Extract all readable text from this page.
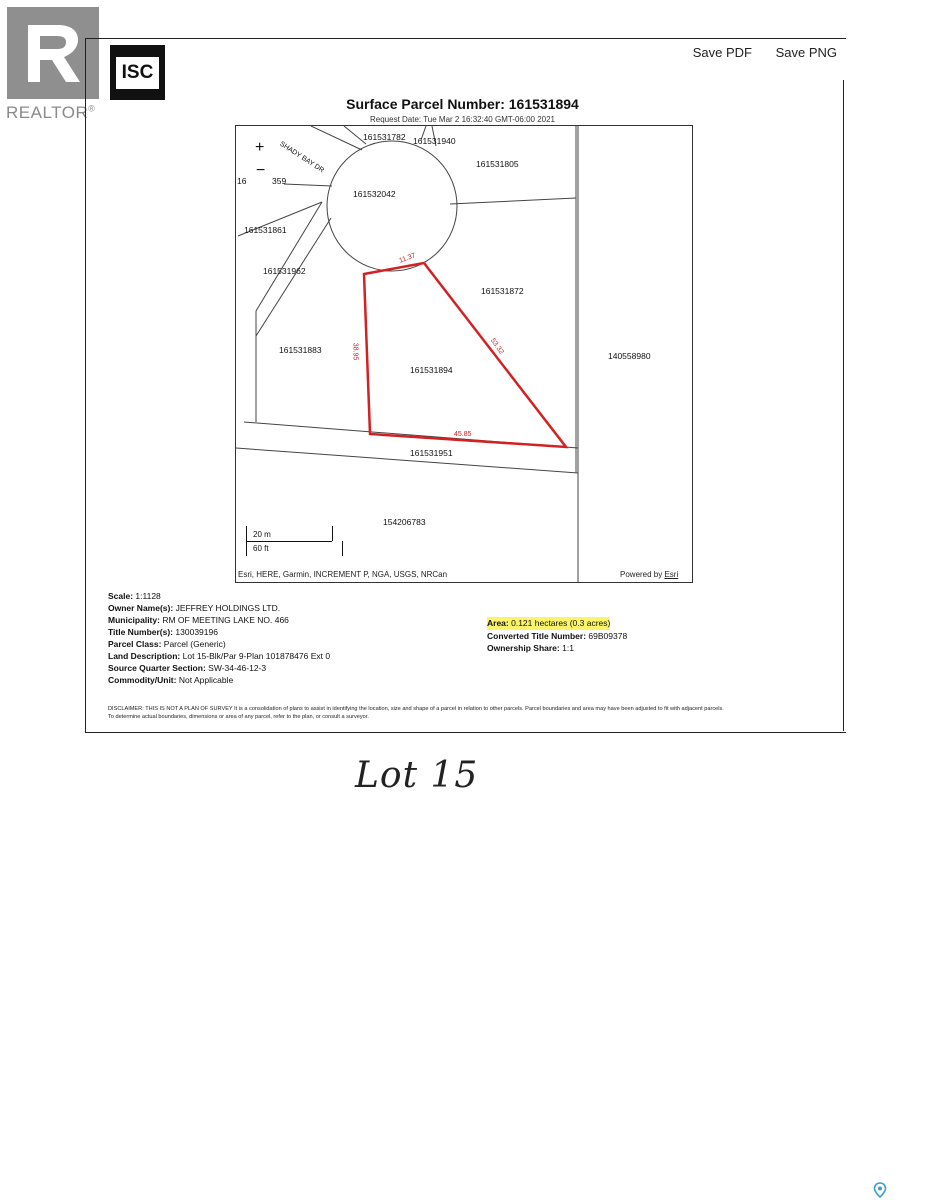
REALTOR®
ISC
Save PDF Save PNG
Surface Parcel Number: 161531894
Request Date: Tue Mar 2 16:32:40 GMT-06:00 2021
SHADY BAY DR
161531782 161531940
161531805
161532042
161531861
161531962
161531872
161531883
161531894
140558980
161531951
154206783
16	359
11.37
38.95	53.32
45.85
+
−
20 m
60 ft
Esri, HERE, Garmin, INCREMENT P, NGA, USGS, NRCan	Powered by Esri
Scale: 1:1128
Owner Name(s): JEFFREY HOLDINGS LTD.
Municipality: RM OF MEETING LAKE NO. 466
Title Number(s): 130039196
Parcel Class: Parcel (Generic)
Land Description: Lot 15-Blk/Par 9-Plan 101878476 Ext 0
Source Quarter Section: SW-34-46-12-3
Commodity/Unit: Not Applicable
Area: 0.121 hectares (0.3 acres)
Converted Title Number: 69B09378
Ownership Share: 1:1
DISCLAIMER: THIS IS NOT A PLAN OF SURVEY It is a consolidation of plans to assist in identifying the location, size and shape of a parcel in relation to other parcels. Parcel boundaries and area may have been adjusted to fit with adjacent parcels.
To determine actual boundaries, dimensions or area of any parcel, refer to the plan, or consult a surveyor.
Lot 15
